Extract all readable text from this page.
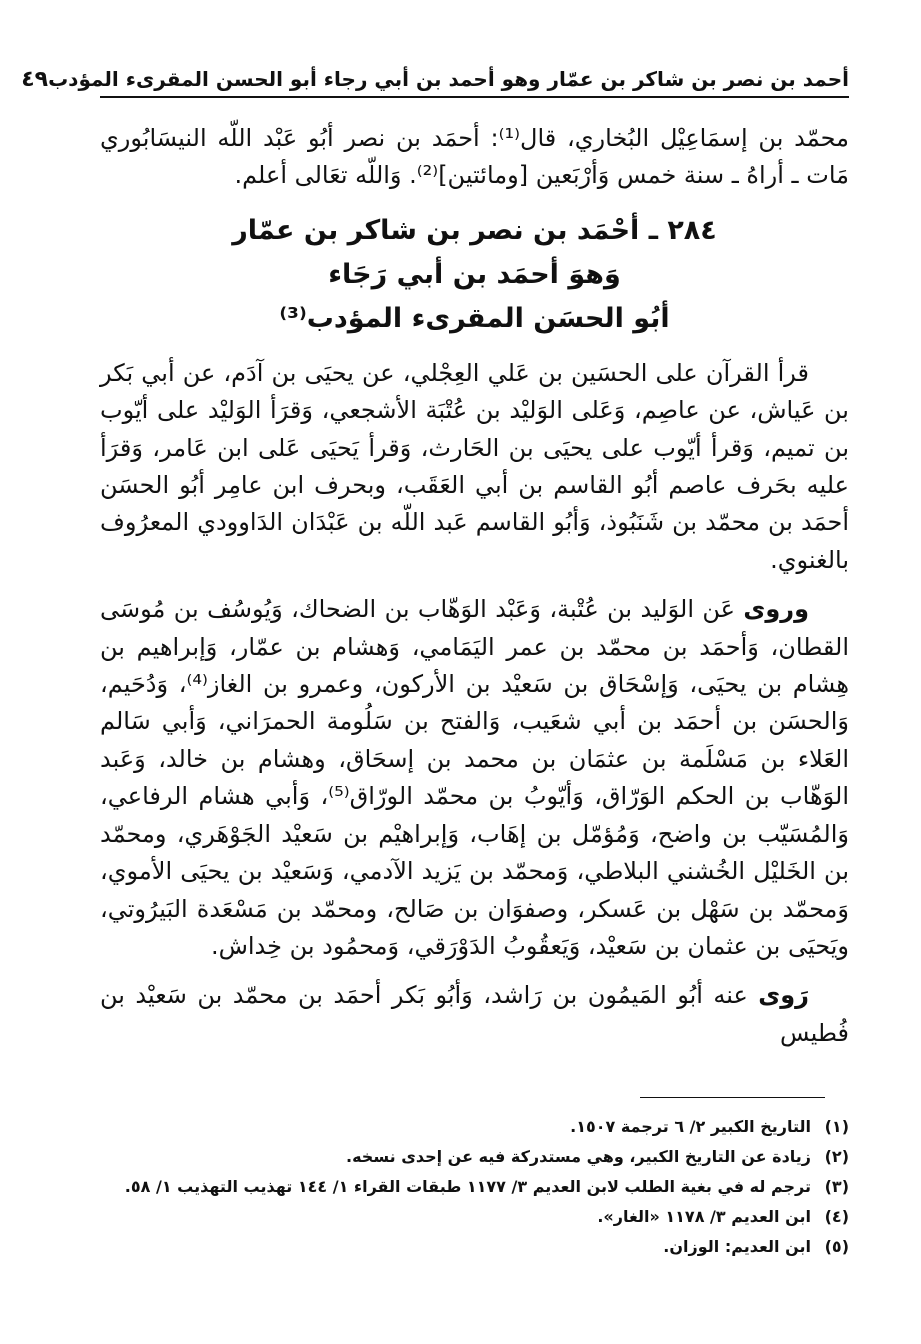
أحمد بن نصر بن شاكر بن عمّار وهو أحمد بن أبي رجاء أبو الحسن المقرىء المؤدب
٤٩

محمّد بن إسمَاعِيْل البُخاري، قال⁽¹⁾: أحمَد بن نصر أبُو عَبْد اللّه النيسَابُوري مَات ـ أراهُ ـ سنة خمس وَأرْبَعين [ومائتين]⁽²⁾. وَاللّه تعَالى أعلم.

٢٨٤ ـ أحْمَد بن نصر بن شاكر بن عمّار
وَهوَ أحمَد بن أبي رَجَاء
أبُو الحسَن المقرىء المؤدب⁽³⁾

قرأ القرآن على الحسَين بن عَلي العِجْلي، عن يحيَى بن آدَم، عن أبي بَكر بن عَياش، عن عاصِم، وَعَلى الوَليْد بن عُتْبَة الأشجعي، وَقرَأ الوَليْد على أيّوب بن تميم، وَقرأ أيّوب على يحيَى بن الحَارث، وَقرأ يَحيَى عَلى ابن عَامر، وَقرَأ عليه بحَرف عاصم أبُو القاسم بن أبي العَقَب، وبحرف ابن عامِر أبُو الحسَن أحمَد بن محمّد بن شَنَبُوذ، وَأبُو القاسم عَبد اللّه بن عَبْدَان الدَاوودي المعرُوف بالغنوي.

وروى عَن الوَليد بن عُتْبة، وَعَبْد الوَهّاب بن الضحاك، وَيُوسُف بن مُوسَى القطان، وَأحمَد بن محمّد بن عمر اليَمَامي، وَهشام بن عمّار، وَإبراهيم بن هِشام بن يحيَى، وَإسْحَاق بن سَعيْد بن الأركون، وعمرو بن الغاز⁽⁴⁾، وَدُحَيم، وَالحسَن بن أحمَد بن أبي شعَيب، وَالفتح بن سَلُومة الحمرَاني، وَأبي سَالم العَلاء بن مَسْلَمة بن عثمَان بن محمد بن إسحَاق، وهشام بن خالد، وَعَبد الوَهّاب بن الحكم الوَرّاق، وَأيّوبُ بن محمّد الورّاق⁽⁵⁾، وَأبي هشام الرفاعي، وَالمُسَيّب بن واضح، وَمُؤمّل بن إهَاب، وَإبراهيْم بن سَعيْد الجَوْهَري، ومحمّد بن الخَليْل الخُشني البلاطي، وَمحمّد بن يَزيد الآدمي، وَسَعيْد بن يحيَى الأموي، وَمحمّد بن سَهْل بن عَسكر، وصفوَان بن صَالح، ومحمّد بن مَسْعَدة البَيرُوتي، ويَحيَى بن عثمان بن سَعيْد، وَيَعقُوبُ الدَوْرَقي، وَمحمُود بن خِداش.

رَوى عنه أبُو المَيمُون بن رَاشد، وَأبُو بَكر أحمَد بن محمّد بن سَعيْد بن فُطيس

(١)
التاريخ الكبير ٢/ ٦ ترجمة ١٥٠٧.
(٢)
زيادة عن التاريخ الكبير، وهي مستدركة فيه عن إحدى نسخه.
(٣)
ترجم له في بغية الطلب لابن العديم ٣/ ١١٧٧ طبقات القراء ١/ ١٤٤ تهذيب التهذيب ١/ ٥٨.
(٤)
ابن العديم ٣/ ١١٧٨ «الغار».
(٥)
ابن العديم: الوزان.
